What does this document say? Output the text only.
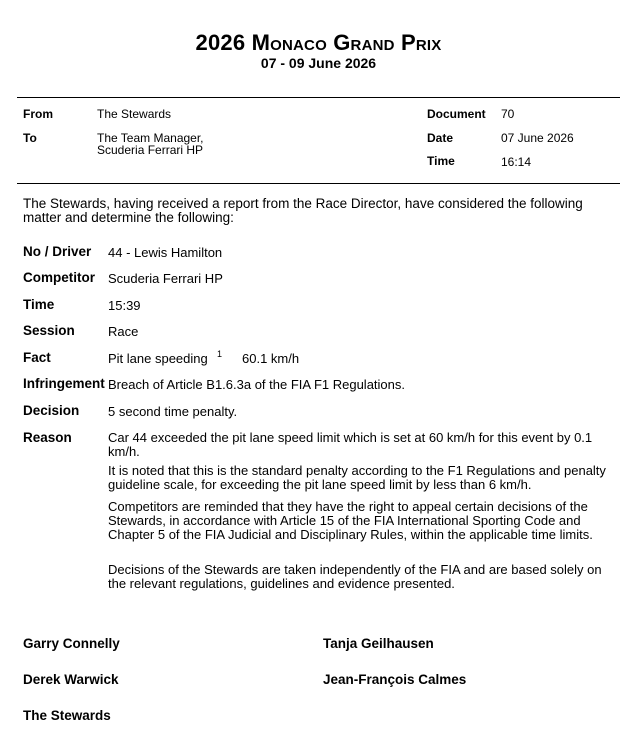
2026 Monaco Grand Prix
07 - 09 June 2026
From	The Stewards
To	The Team Manager,
Scuderia Ferrari HP
Document 70
Date	07 June 2026
Time	16:14
The Stewards, having received a report from the Race Director, have considered the following matter and determine the following:
No / Driver 44 - Lewis Hamilton
Competitor Scuderia Ferrari HP
Time	15:39
Session	Race
Fact	Pit lane speeding 1 60.1 km/h
Infringement Breach of Article B1.6.3a of the FIA F1 Regulations.
Decision 5 second time penalty.
Reason	Car 44 exceeded the pit lane speed limit which is set at 60 km/h for this event by 0.1 km/h.
It is noted that this is the standard penalty according to the F1 Regulations and penalty guideline scale, for exceeding the pit lane speed limit by less than 6 km/h.
Competitors are reminded that they have the right to appeal certain decisions of the Stewards, in accordance with Article 15 of the FIA International Sporting Code and Chapter 5 of the FIA Judicial and Disciplinary Rules, within the applicable time limits.
Decisions of the Stewards are taken independently of the FIA and are based solely on the relevant regulations, guidelines and evidence presented.
Garry Connelly	Tanja Geilhausen
Derek Warwick	Jean-François Calmes
The Stewards
